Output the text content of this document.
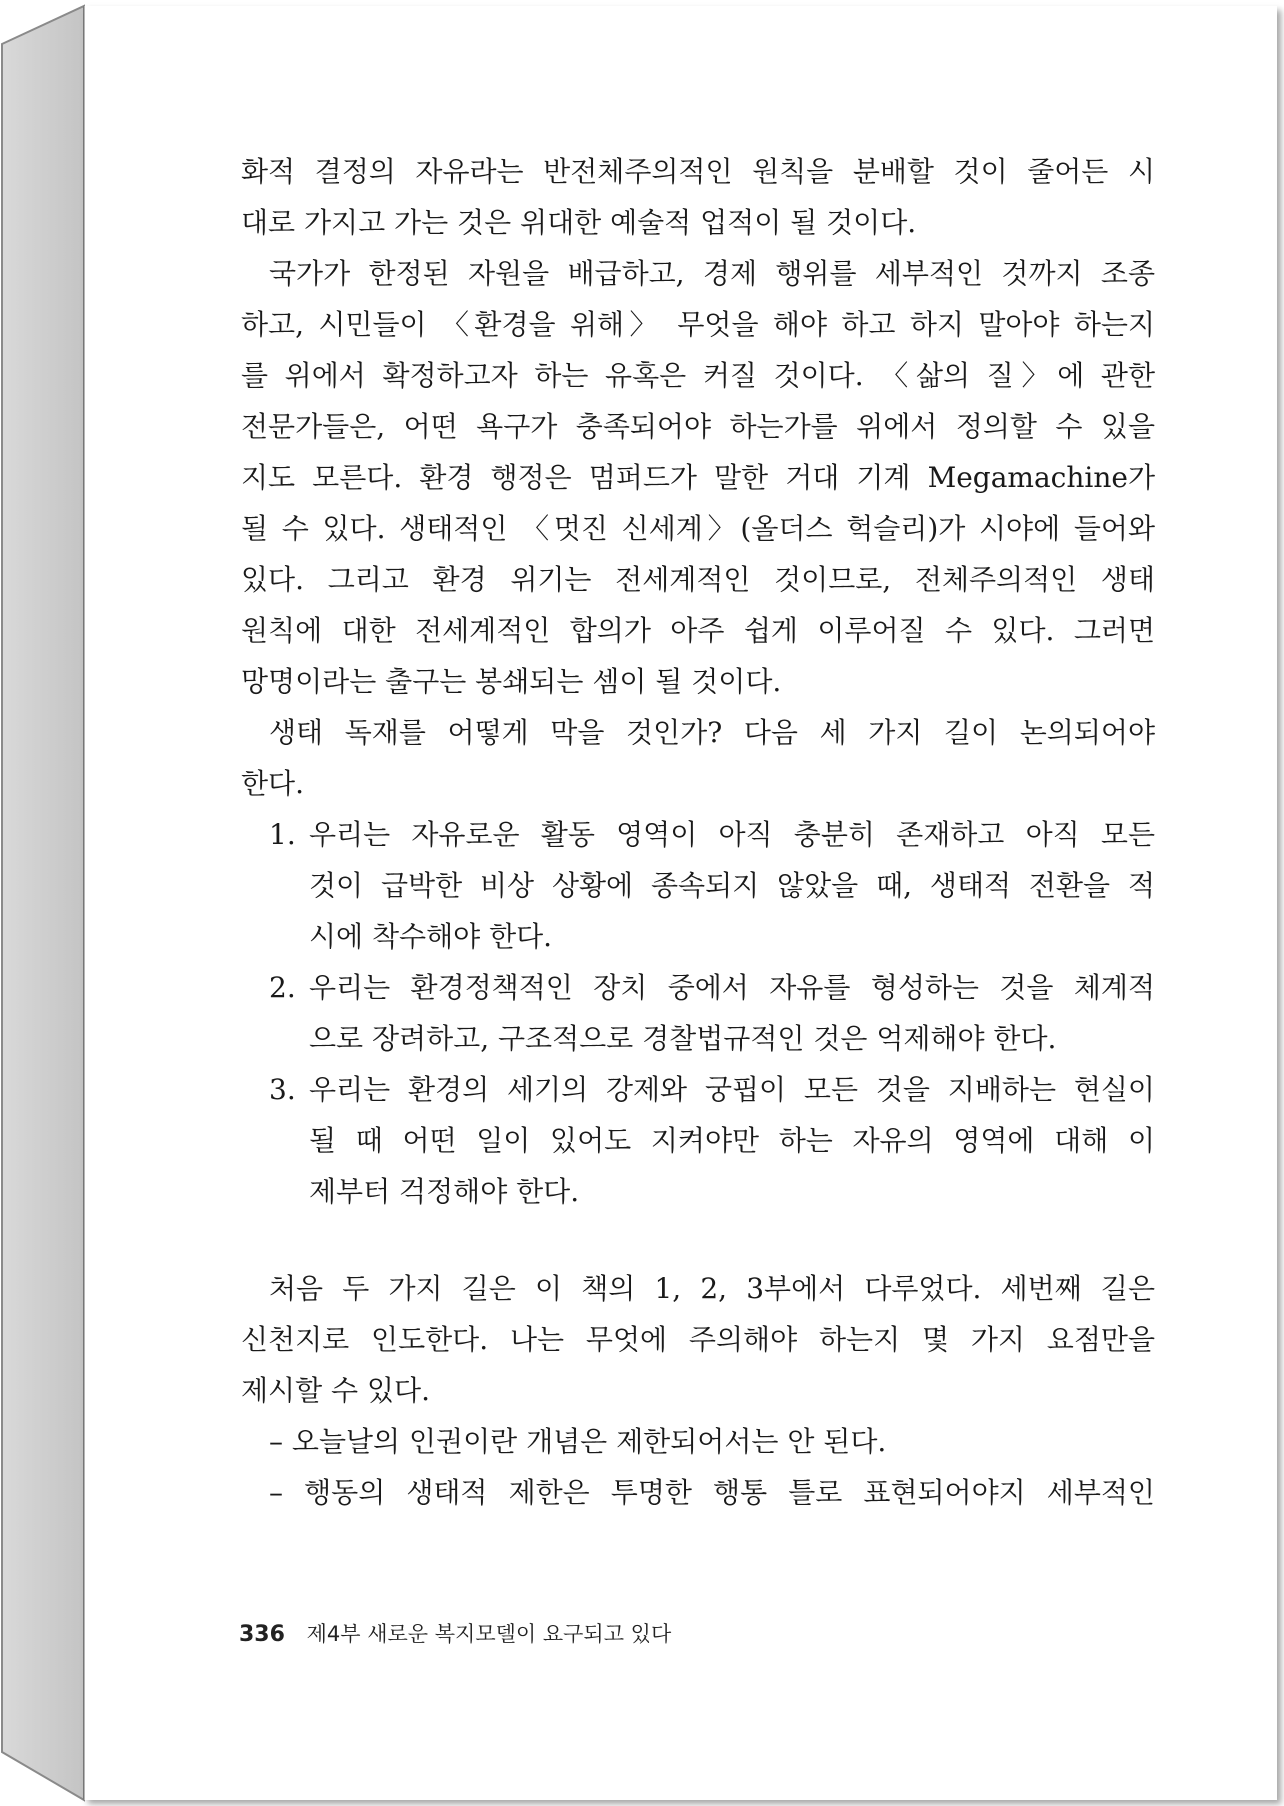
화적 결정의 자유라는 반전체주의적인 원칙을 분배할 것이 줄어든 시
대로 가지고 가는 것은 위대한 예술적 업적이 될 것이다.
국가가 한정된 자원을 배급하고, 경제 행위를 세부적인 것까지 조종
하고, 시민들이 〈환경을 위해〉 무엇을 해야 하고 하지 말아야 하는지
를 위에서 확정하고자 하는 유혹은 커질 것이다. 〈삶의 질〉에 관한
전문가들은, 어떤 욕구가 충족되어야 하는가를 위에서 정의할 수 있을
지도 모른다. 환경 행정은 멈퍼드가 말한 거대 기계 Megamachine가
될 수 있다. 생태적인 〈멋진 신세계〉(올더스 헉슬리)가 시야에 들어와
있다. 그리고 환경 위기는 전세계적인 것이므로, 전체주의적인 생태
원칙에 대한 전세계적인 합의가 아주 쉽게 이루어질 수 있다. 그러면
망명이라는 출구는 봉쇄되는 셈이 될 것이다.
생태 독재를 어떻게 막을 것인가? 다음 세 가지 길이 논의되어야
한다.
1. 우리는 자유로운 활동 영역이 아직 충분히 존재하고 아직 모든
것이 급박한 비상 상황에 종속되지 않았을 때, 생태적 전환을 적
시에 착수해야 한다.
2. 우리는 환경정책적인 장치 중에서 자유를 형성하는 것을 체계적
으로 장려하고, 구조적으로 경찰법규적인 것은 억제해야 한다.
3. 우리는 환경의 세기의 강제와 궁핍이 모든 것을 지배하는 현실이
될 때 어떤 일이 있어도 지켜야만 하는 자유의 영역에 대해 이
제부터 걱정해야 한다.
처음 두 가지 길은 이 책의 1, 2, 3부에서 다루었다. 세번째 길은
신천지로 인도한다. 나는 무엇에 주의해야 하는지 몇 가지 요점만을
제시할 수 있다.
– 오늘날의 인권이란 개념은 제한되어서는 안 된다.
– 행동의 생태적 제한은 투명한 행통 틀로 표현되어야지 세부적인
336 제4부 새로운 복지모델이 요구되고 있다
